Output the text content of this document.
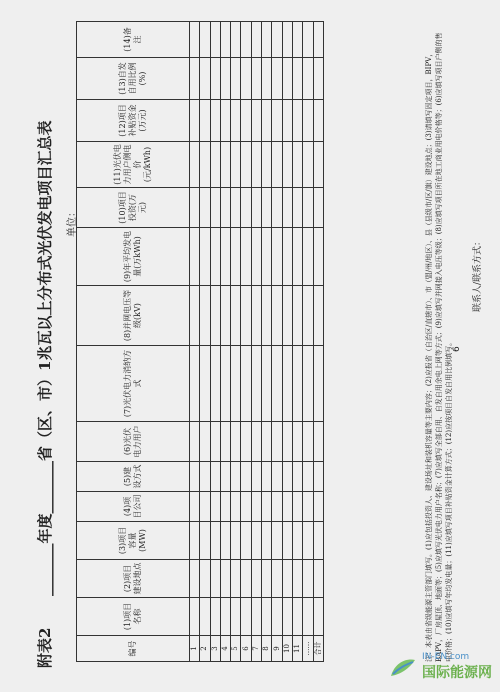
附表2
_______年度_______省（区、市）1兆瓦以上分布式光伏发电项目汇总表	单位：
编号	(1)项目名称	(2)项目建设地点	(3)项目容量(MW)	(4)项目公司	(5)建设方式	(6)光伏电力用户	(7)光伏电力消纳方式	(8)并网电压等级(kV)	(9)年平均发电量(万kWh)	(10)项目投资(万元)	(11)光伏电力用户侧电价(元/kWh)	(12)项目补贴资金(万元)	(13)自发自用比例(%)	(14)备注
1														
2														
3														
4														
5														
6														
7														
8														
9														
10														
11														
……														
合计															注：本表由省级能源主管部门填写。(1)应包括投资人、建设场址和装机容量等主要内容；(2)应报省（自治区/直辖市）、市（盟/州/地区）、县（县级市/区/旗）建设地点；(3)请填写固定项目，BIPV，BAPV，厂房屋顶、地面等；(5)应填写光伏电力用户名称；(7)应填写全部自用、自发自用余电上网等方式；(9)应填写并网接入电压等级；(8)应填写项目所在地工商业用电价格等；(6)应填写项目户侧的售电价格；(10)应填写年均发电量；(11)应填写项目补贴资金计算方式；(12)应按项目自发自用比例填写。 6
联系人/联系方式：
IN-EN.com
国际能源网
